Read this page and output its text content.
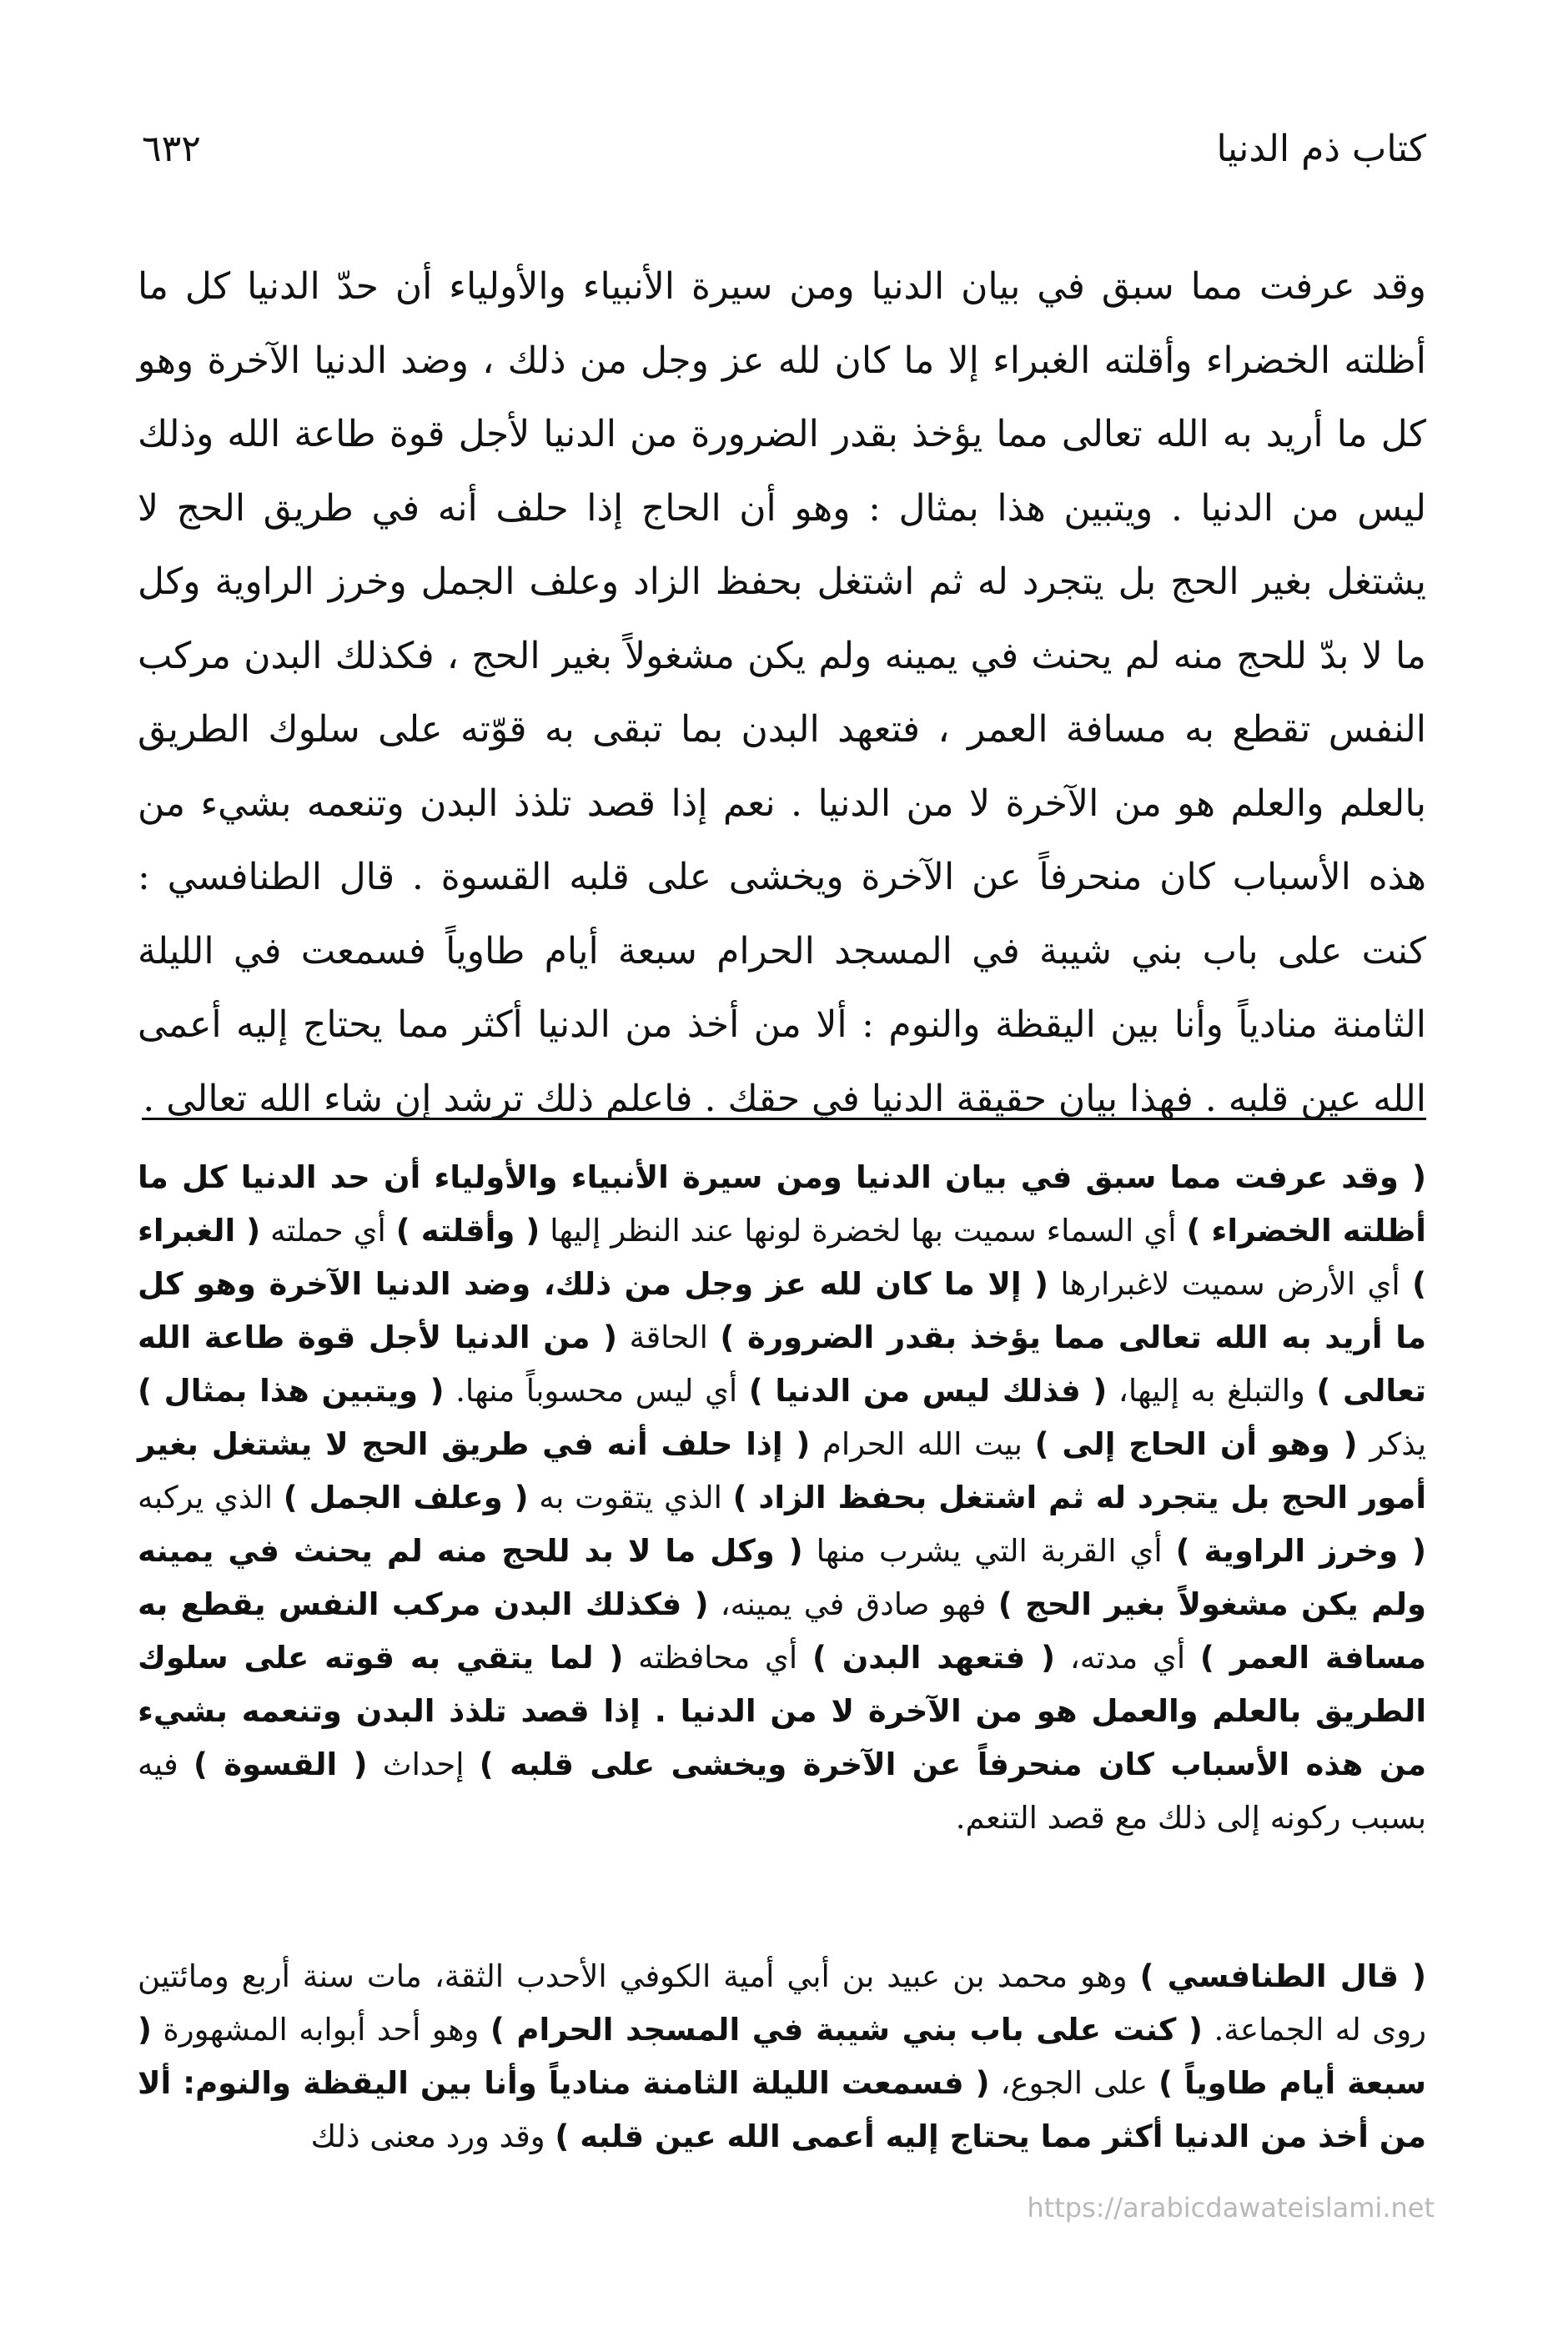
كتاب ذم الدنيا
٦٣٢

وقد عرفت مما سبق في بيان الدنيا ومن سيرة الأنبياء والأولياء أن حدّ الدنيا كل ما أظلته الخضراء وأقلته الغبراء إلا ما كان لله عز وجل من ذلك ، وضد الدنيا الآخرة وهو كل ما أريد به الله تعالى مما يؤخذ بقدر الضرورة من الدنيا لأجل قوة طاعة الله وذلك ليس من الدنيا . ويتبين هذا بمثال : وهو أن الحاج إذا حلف أنه في طريق الحج لا يشتغل بغير الحج بل يتجرد له ثم اشتغل بحفظ الزاد وعلف الجمل وخرز الراوية وكل ما لا بدّ للحج منه لم يحنث في يمينه ولم يكن مشغولاً بغير الحج ، فكذلك البدن مركب النفس تقطع به مسافة العمر ، فتعهد البدن بما تبقى به قوّته على سلوك الطريق بالعلم والعلم هو من الآخرة لا من الدنيا . نعم إذا قصد تلذذ البدن وتنعمه بشيء من هذه الأسباب كان منحرفاً عن الآخرة ويخشى على قلبه القسوة . قال الطنافسي : كنت على باب بني شيبة في المسجد الحرام سبعة أيام طاوياً فسمعت في الليلة الثامنة منادياً وأنا بين اليقظة والنوم : ألا من أخذ من الدنيا أكثر مما يحتاج إليه أعمى الله عين قلبه . فهذا بيان حقيقة الدنيا في حقك . فاعلم ذلك ترشد إن شاء الله تعالى .

( وقد عرفت مما سبق في بيان الدنيا ومن سيرة الأنبياء والأولياء أن حد الدنيا كل ما أظلته الخضراء ) أي السماء سميت بها لخضرة لونها عند النظر إليها ( وأقلته ) أي حملته ( الغبراء ) أي الأرض سميت لاغبرارها ( إلا ما كان لله عز وجل من ذلك، وضد الدنيا الآخرة وهو كل ما أريد به الله تعالى مما يؤخذ بقدر الضرورة ) الحاقة ( من الدنيا لأجل قوة طاعة الله تعالى ) والتبلغ به إليها، ( فذلك ليس من الدنيا ) أي ليس محسوباً منها. ( ويتبين هذا بمثال ) يذكر ( وهو أن الحاج إلى ) بيت الله الحرام ( إذا حلف أنه في طريق الحج لا يشتغل بغير أمور الحج بل يتجرد له ثم اشتغل بحفظ الزاد ) الذي يتقوت به ( وعلف الجمل ) الذي يركبه ( وخرز الراوية ) أي القربة التي يشرب منها ( وكل ما لا بد للحج منه لم يحنث في يمينه ولم يكن مشغولاً بغير الحج ) فهو صادق في يمينه، ( فكذلك البدن مركب النفس يقطع به مسافة العمر ) أي مدته، ( فتعهد البدن ) أي محافظته ( لما يتقي به قوته على سلوك الطريق بالعلم والعمل هو من الآخرة لا من الدنيا . إذا قصد تلذذ البدن وتنعمه بشيء من هذه الأسباب كان منحرفاً عن الآخرة ويخشى على قلبه ) إحداث ( القسوة ) فيه بسبب ركونه إلى ذلك مع قصد التنعم.

( قال الطنافسي ) وهو محمد بن عبيد بن أبي أمية الكوفي الأحدب الثقة، مات سنة أربع ومائتين روى له الجماعة. ( كنت على باب بني شيبة في المسجد الحرام ) وهو أحد أبوابه المشهورة ( سبعة أيام طاوياً ) على الجوع، ( فسمعت الليلة الثامنة منادياً وأنا بين اليقظة والنوم: ألا من أخذ من الدنيا أكثر مما يحتاج إليه أعمى الله عين قلبه ) وقد ورد معنى ذلك

https://arabicdawateislami.net
